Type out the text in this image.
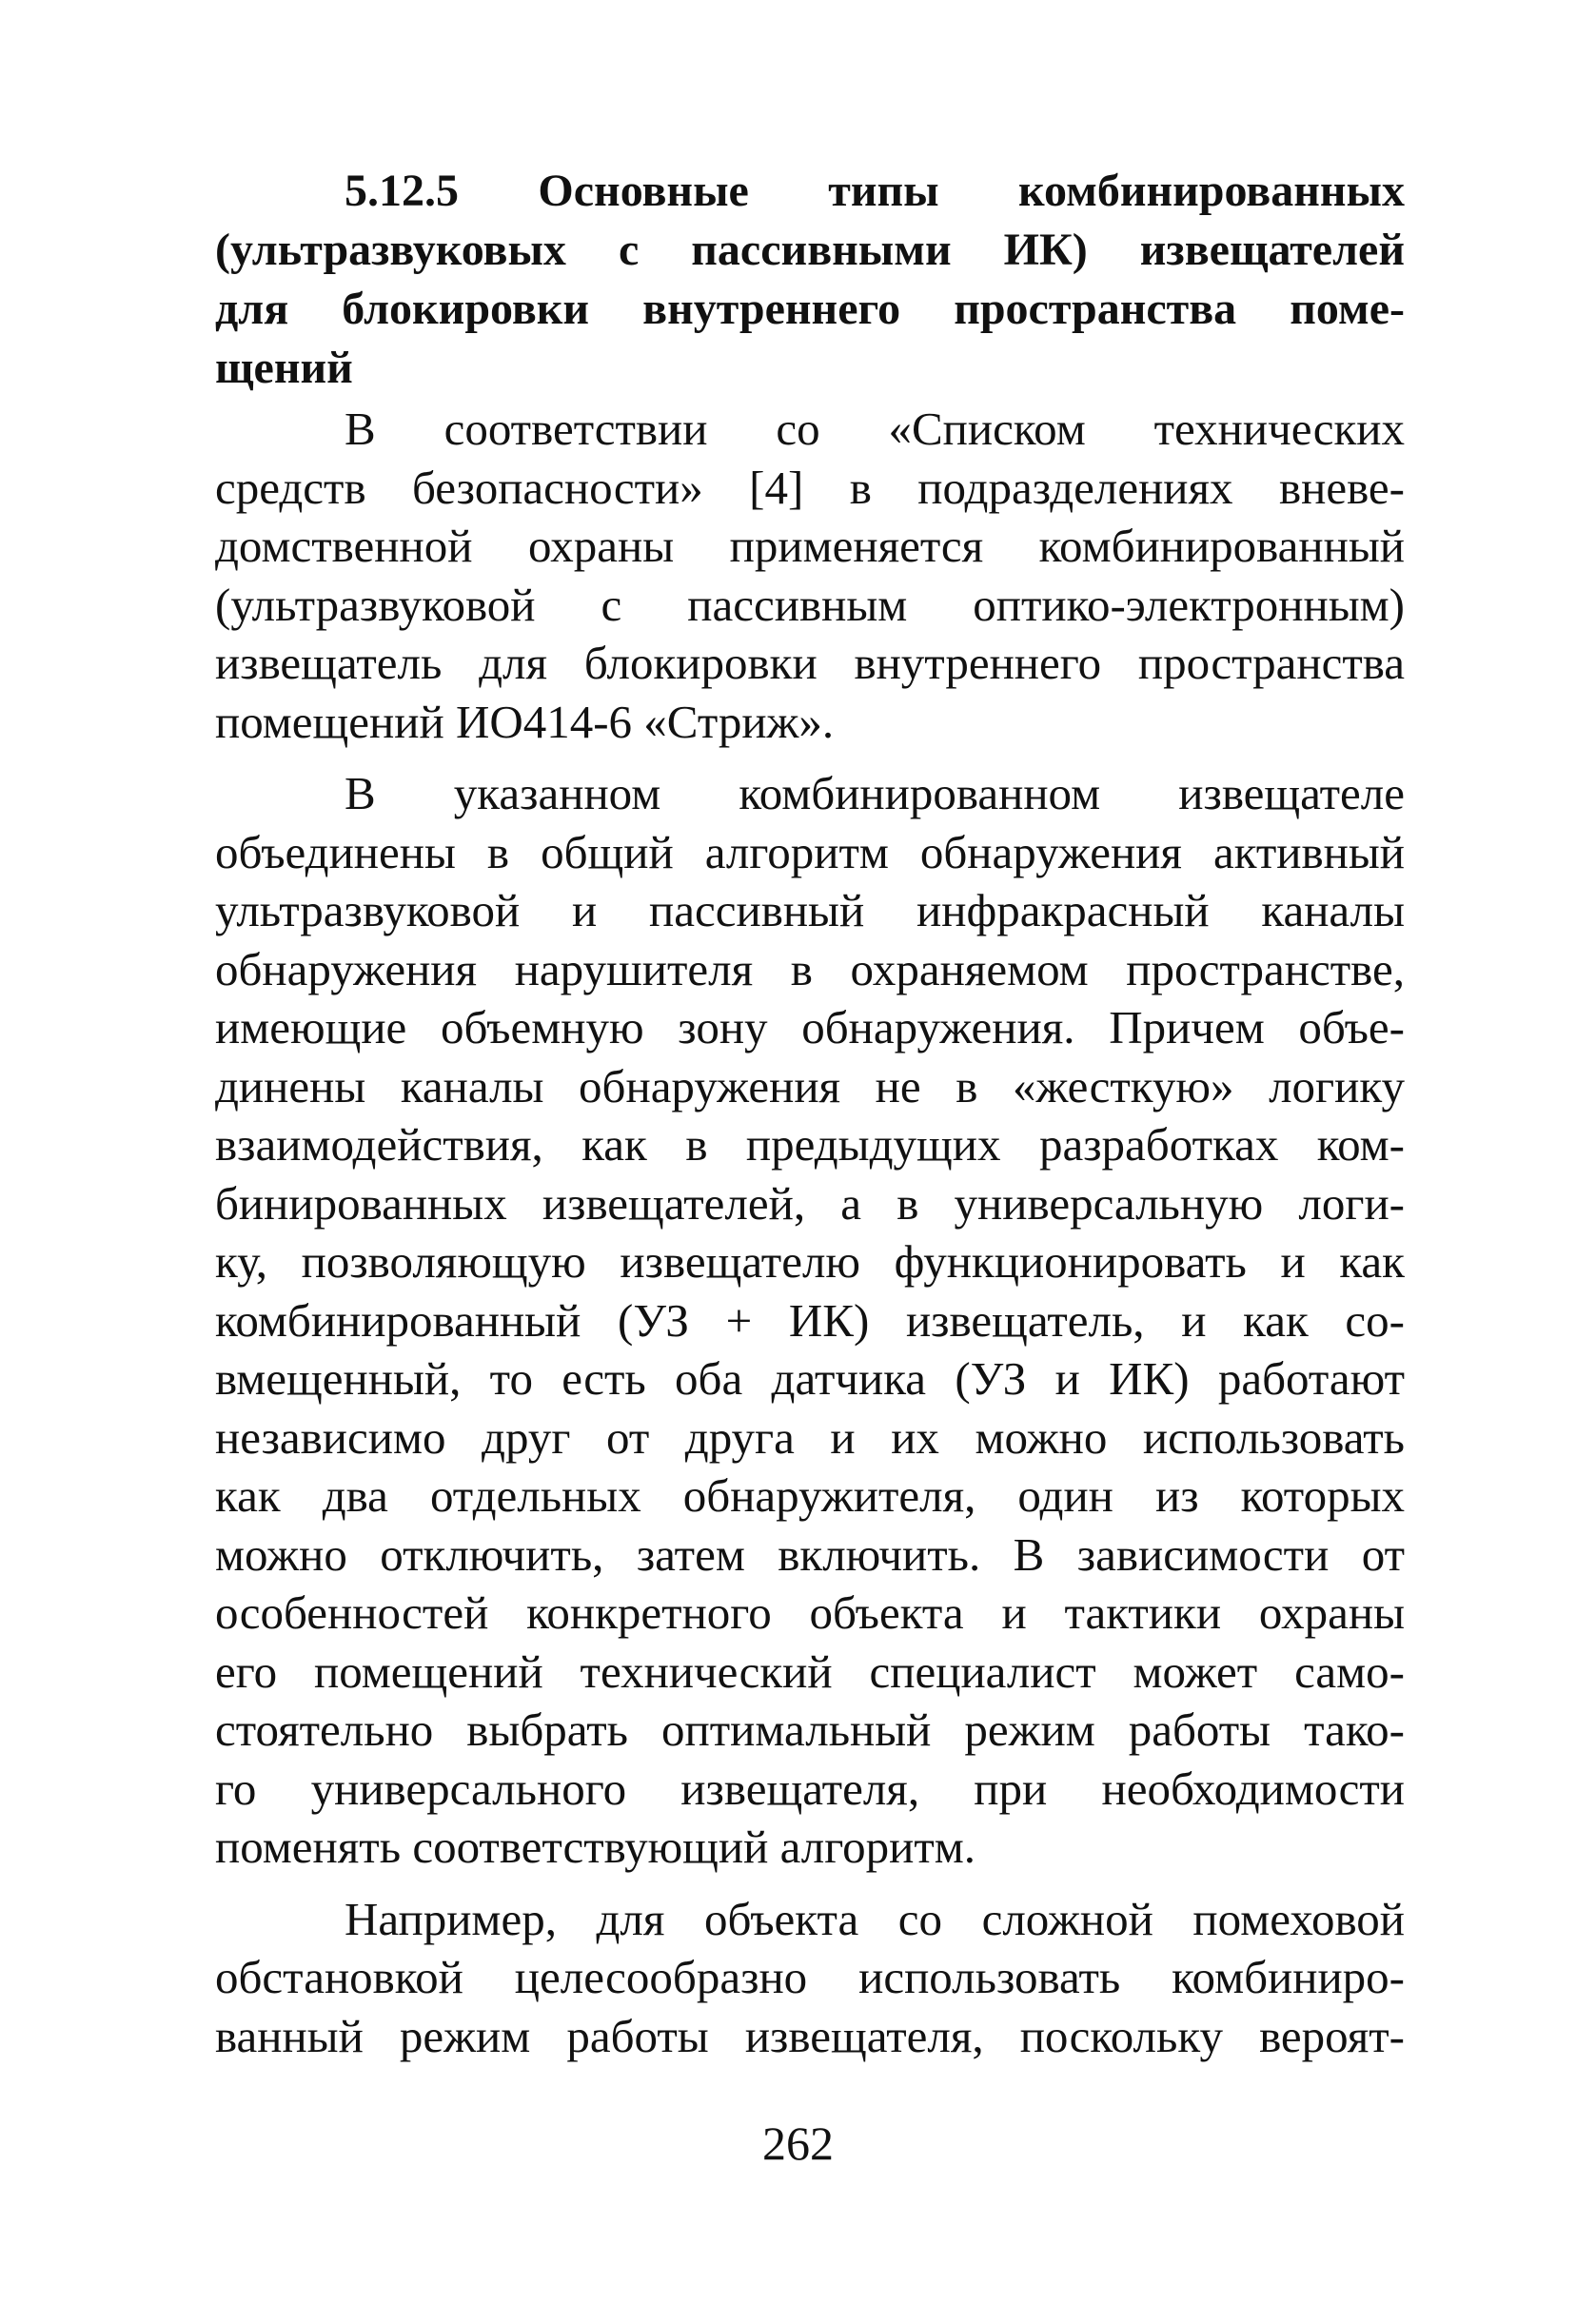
5.12.5 Основные типы комбинированных
(ультразвуковых с пассивными ИК) извещателей
для блокировки внутреннего пространства поме-
щений
В соответствии со «Списком технических
средств безопасности» [4] в подразделениях вневе-
домственной охраны применяется комбинированный
(ультразвуковой с пассивным оптико-электронным)
извещатель для блокировки внутреннего пространства
помещений ИО414-6 «Стриж».
В указанном комбинированном извещателе
объединены в общий алгоритм обнаружения активный
ультразвуковой и пассивный инфракрасный каналы
обнаружения нарушителя в охраняемом пространстве,
имеющие объемную зону обнаружения. Причем объе-
динены каналы обнаружения не в «жесткую» логику
взаимодействия, как в предыдущих разработках ком-
бинированных извещателей, а в универсальную логи-
ку, позволяющую извещателю функционировать и как
комбинированный (УЗ + ИК) извещатель, и как со-
вмещенный, то есть оба датчика (УЗ и ИК) работают
независимо друг от друга и их можно использовать
как два отдельных обнаружителя, один из которых
можно отключить, затем включить. В зависимости от
особенностей конкретного объекта и тактики охраны
его помещений технический специалист может само-
стоятельно выбрать оптимальный режим работы тако-
го универсального извещателя, при необходимости
поменять соответствующий алгоритм.
Например, для объекта со сложной помеховой
обстановкой целесообразно использовать комбиниро-
ванный режим работы извещателя, поскольку вероят-
262
